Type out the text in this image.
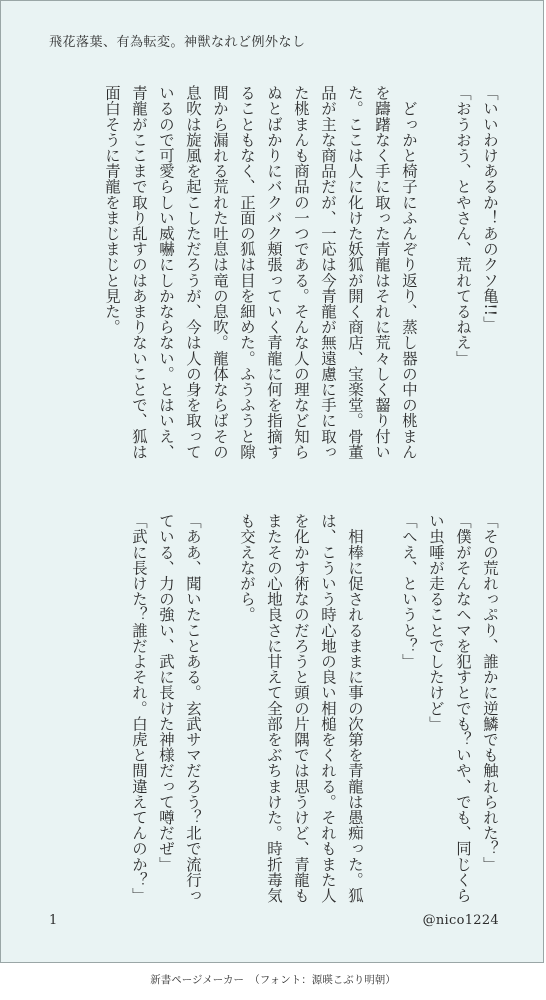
飛花落葉、有為転変。神獣なれど例外なし
「いいわけあるか！あのクソ亀!!」
「おうおう、とやさん、荒れてるねえ」

　どっかと椅子にふんぞり返り、蒸し器の中の桃まんを躊躇なく手に取った青龍はそれに荒々しく齧り付いた。ここは人に化けた妖狐が開く商店、宝楽堂。骨董品が主な商品だが、一応は今青龍が無遠慮に手に取った桃まんも商品の一つである。そんな人の理など知らぬとばかりにバクバク頬張っていく青龍に何を指摘することもなく、正面の狐は目を細めた。ふうふうと隙間から漏れる荒れた吐息は竜の息吹。龍体ならばその息吹は旋風を起こしただろうが、今は人の身を取っているので可愛らしい威嚇にしかならない。とはいえ、青龍がここまで取り乱すのはあまりないことで、狐は面白そうに青龍をまじまじと見た。
「その荒れっぷり、誰かに逆鱗でも触れられた？」
「僕がそんなヘマを犯すとでも？いや、でも、同じくらい虫唾が走ることでしたけど」
「へえ、というと？」

　相棒に促されるままに事の次第を青龍は愚痴った。狐は、こういう時心地の良い相槌をくれる。それもまた人を化かす術なのだろうと頭の片隅では思うけど、青龍もまたその心地良さに甘えて全部をぶちまけた。時折毒気も交えながら。

「ああ、聞いたことある。玄武サマだろう？北で流行っている、力の強い、武に長けた神様だって噂だぜ」
「武に長けた？誰だよそれ。白虎と間違えてんのか？」
1	@nico1224
新書ページメーカー　（フォント：源暎こぶり明朝）
